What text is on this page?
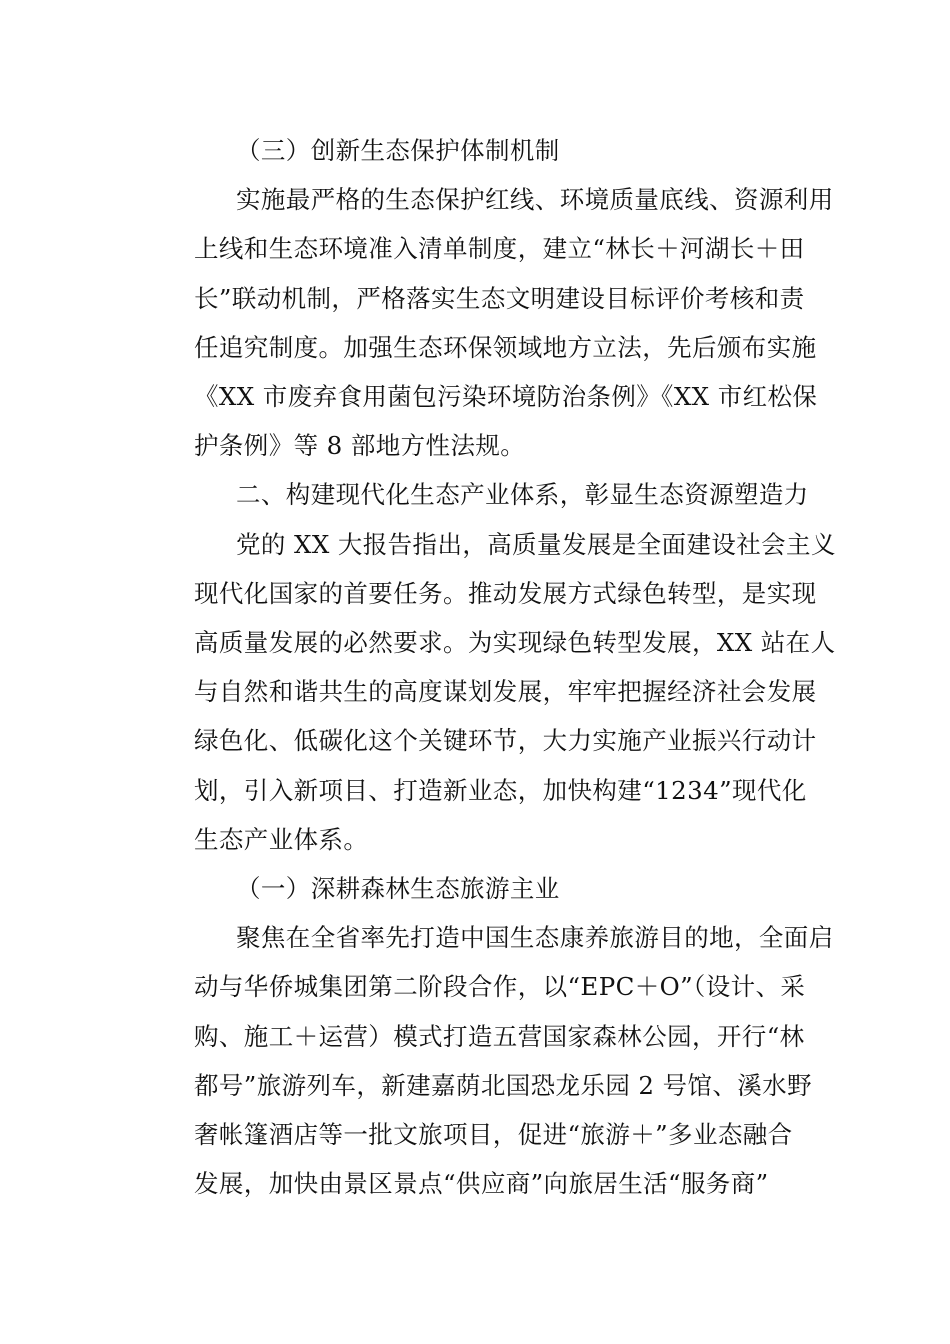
（三）创新生态保护体制机制
实施最严格的生态保护红线、环境质量底线、资源利用
上线和生态环境准入清单制度，建立“林长＋河湖长＋田
长”联动机制，严格落实生态文明建设目标评价考核和责
任追究制度。加强生态环保领域地方立法，先后颁布实施
《XX 市废弃食用菌包污染环境防治条例》《XX 市红松保
护条例》等 8 部地方性法规。
二、构建现代化生态产业体系，彰显生态资源塑造力
党的 XX 大报告指出，高质量发展是全面建设社会主义
现代化国家的首要任务。推动发展方式绿色转型，是实现
高质量发展的必然要求。为实现绿色转型发展，XX 站在人
与自然和谐共生的高度谋划发展，牢牢把握经济社会发展
绿色化、低碳化这个关键环节，大力实施产业振兴行动计
划，引入新项目、打造新业态，加快构建“1234”现代化
生态产业体系。
（一）深耕森林生态旅游主业
聚焦在全省率先打造中国生态康养旅游目的地，全面启
动与华侨城集团第二阶段合作，以“EPC＋O”（设计、采
购、施工＋运营）模式打造五营国家森林公园，开行“林
都号”旅游列车，新建嘉荫北国恐龙乐园 2 号馆、溪水野
奢帐篷酒店等一批文旅项目，促进“旅游＋”多业态融合
发展，加快由景区景点“供应商”向旅居生活“服务商”
